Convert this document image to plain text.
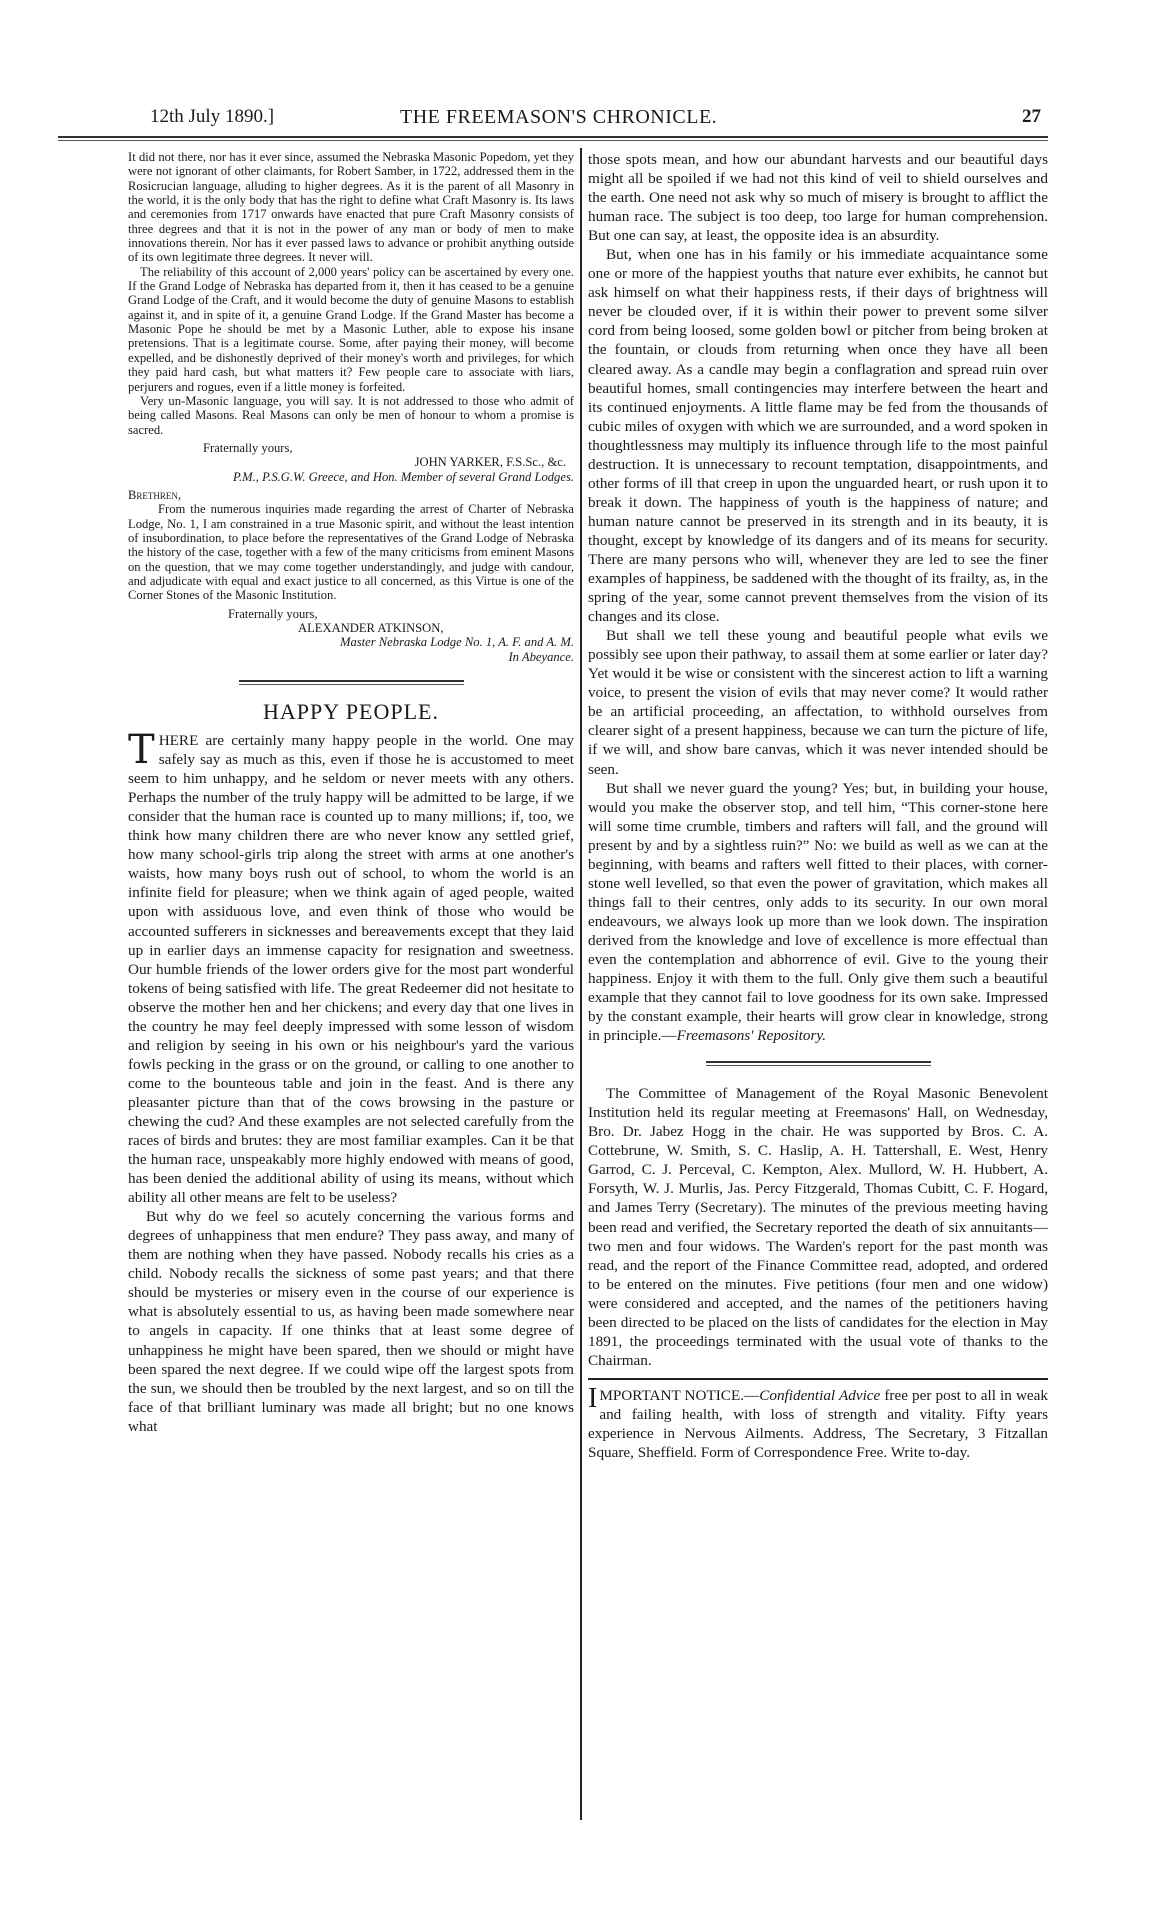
12th July 1890.]	THE FREEMASON'S CHRONICLE.	27

It did not there, nor has it ever since, assumed the Nebraska Masonic Popedom, yet they were not ignorant of other claimants, for Robert Samber, in 1722, addressed them in the Rosicrucian language, alluding to higher degrees. As it is the parent of all Masonry in the world, it is the only body that has the right to define what Craft Masonry is. Its laws and ceremonies from 1717 onwards have enacted that pure Craft Masonry consists of three degrees and that it is not in the power of any man or body of men to make innovations therein. Nor has it ever passed laws to advance or prohibit anything outside of its own legitimate three degrees. It never will.

The reliability of this account of 2,000 years' policy can be ascertained by every one. If the Grand Lodge of Nebraska has departed from it, then it has ceased to be a genuine Grand Lodge of the Craft, and it would become the duty of genuine Masons to establish against it, and in spite of it, a genuine Grand Lodge. If the Grand Master has become a Masonic Pope he should be met by a Masonic Luther, able to expose his insane pretensions. That is a legitimate course. Some, after paying their money, will become expelled, and be dishonestly deprived of their money's worth and privileges, for which they paid hard cash, but what matters it? Few people care to associate with liars, perjurers and rogues, even if a little money is forfeited.

Very un-Masonic language, you will say. It is not addressed to those who admit of being called Masons. Real Masons can only be men of honour to whom a promise is sacred.

Fraternally yours,

JOHN YARKER, F.S.Sc., &c.

P.M., P.S.G.W. Greece, and Hon. Member of several Grand Lodges.

Brethren,

From the numerous inquiries made regarding the arrest of Charter of Nebraska Lodge, No. 1, I am constrained in a true Masonic spirit, and without the least intention of insubordination, to place before the representatives of the Grand Lodge of Nebraska the history of the case, together with a few of the many criticisms from eminent Masons on the question, that we may come together understandingly, and judge with candour, and adjudicate with equal and exact justice to all concerned, as this Virtue is one of the Corner Stones of the Masonic Institution.

Fraternally yours,

ALEXANDER ATKINSON,

Master Nebraska Lodge No. 1, A. F. and A. M.

In Abeyance.

HAPPY PEOPLE.

THERE are certainly many happy people in the world. One may safely say as much as this, even if those he is accustomed to meet seem to him unhappy, and he seldom or never meets with any others. Perhaps the number of the truly happy will be admitted to be large, if we consider that the human race is counted up to many millions; if, too, we think how many children there are who never know any settled grief, how many school-girls trip along the street with arms at one another's waists, how many boys rush out of school, to whom the world is an infinite field for pleasure; when we think again of aged people, waited upon with assiduous love, and even think of those who would be accounted sufferers in sicknesses and bereavements except that they laid up in earlier days an immense capacity for resignation and sweetness. Our humble friends of the lower orders give for the most part wonderful tokens of being satisfied with life. The great Redeemer did not hesitate to observe the mother hen and her chickens; and every day that one lives in the country he may feel deeply impressed with some lesson of wisdom and religion by seeing in his own or his neighbour's yard the various fowls pecking in the grass or on the ground, or calling to one another to come to the bounteous table and join in the feast. And is there any pleasanter picture than that of the cows browsing in the pasture or chewing the cud? And these examples are not selected carefully from the races of birds and brutes: they are most familiar examples. Can it be that the human race, unspeakably more highly endowed with means of good, has been denied the additional ability of using its means, without which ability all other means are felt to be useless?

But why do we feel so acutely concerning the various forms and degrees of unhappiness that men endure? They pass away, and many of them are nothing when they have passed. Nobody recalls his cries as a child. Nobody recalls the sickness of some past years; and that there should be mysteries or misery even in the course of our experience is what is absolutely essential to us, as having been made somewhere near to angels in capacity. If one thinks that at least some degree of unhappiness he might have been spared, then we should or might have been spared the next degree. If we could wipe off the largest spots from the sun, we should then be troubled by the next largest, and so on till the face of that brilliant luminary was made all bright; but no one knows what

those spots mean, and how our abundant harvests and our beautiful days might all be spoiled if we had not this kind of veil to shield ourselves and the earth. One need not ask why so much of misery is brought to afflict the human race. The subject is too deep, too large for human comprehension. But one can say, at least, the opposite idea is an absurdity.

But, when one has in his family or his immediate acquaintance some one or more of the happiest youths that nature ever exhibits, he cannot but ask himself on what their happiness rests, if their days of brightness will never be clouded over, if it is within their power to prevent some silver cord from being loosed, some golden bowl or pitcher from being broken at the fountain, or clouds from returning when once they have all been cleared away. As a candle may begin a conflagration and spread ruin over beautiful homes, small contingencies may interfere between the heart and its continued enjoyments. A little flame may be fed from the thousands of cubic miles of oxygen with which we are surrounded, and a word spoken in thoughtlessness may multiply its influence through life to the most painful destruction. It is unnecessary to recount temptation, disappointments, and other forms of ill that creep in upon the unguarded heart, or rush upon it to break it down. The happiness of youth is the happiness of nature; and human nature cannot be preserved in its strength and in its beauty, it is thought, except by knowledge of its dangers and of its means for security. There are many persons who will, whenever they are led to see the finer examples of happiness, be saddened with the thought of its frailty, as, in the spring of the year, some cannot prevent themselves from the vision of its changes and its close.

But shall we tell these young and beautiful people what evils we possibly see upon their pathway, to assail them at some earlier or later day? Yet would it be wise or consistent with the sincerest action to lift a warning voice, to present the vision of evils that may never come? It would rather be an artificial proceeding, an affectation, to withhold ourselves from clearer sight of a present happiness, because we can turn the picture of life, if we will, and show bare canvas, which it was never intended should be seen.

But shall we never guard the young? Yes; but, in building your house, would you make the observer stop, and tell him, “This corner-stone here will some time crumble, timbers and rafters will fall, and the ground will present by and by a sightless ruin?” No: we build as well as we can at the beginning, with beams and rafters well fitted to their places, with corner-stone well levelled, so that even the power of gravitation, which makes all things fall to their centres, only adds to its security. In our own moral endeavours, we always look up more than we look down. The inspiration derived from the knowledge and love of excellence is more effectual than even the contemplation and abhorrence of evil. Give to the young their happiness. Enjoy it with them to the full. Only give them such a beautiful example that they cannot fail to love goodness for its own sake. Impressed by the constant example, their hearts will grow clear in knowledge, strong in principle.—Freemasons' Repository.

The Committee of Management of the Royal Masonic Benevolent Institution held its regular meeting at Freemasons' Hall, on Wednesday, Bro. Dr. Jabez Hogg in the chair. He was supported by Bros. C. A. Cottebrune, W. Smith, S. C. Haslip, A. H. Tattershall, E. West, Henry Garrod, C. J. Perceval, C. Kempton, Alex. Mullord, W. H. Hubbert, A. Forsyth, W. J. Murlis, Jas. Percy Fitzgerald, Thomas Cubitt, C. F. Hogard, and James Terry (Secretary). The minutes of the previous meeting having been read and verified, the Secretary reported the death of six annuitants—two men and four widows. The Warden's report for the past month was read, and the report of the Finance Committee read, adopted, and ordered to be entered on the minutes. Five petitions (four men and one widow) were considered and accepted, and the names of the petitioners having been directed to be placed on the lists of candidates for the election in May 1891, the proceedings terminated with the usual vote of thanks to the Chairman.

IMPORTANT NOTICE.—Confidential Advice free per post to all in weak and failing health, with loss of strength and vitality. Fifty years experience in Nervous Ailments. Address, The Secretary, 3 Fitzallan Square, Sheffield. Form of Correspondence Free. Write to-day.
